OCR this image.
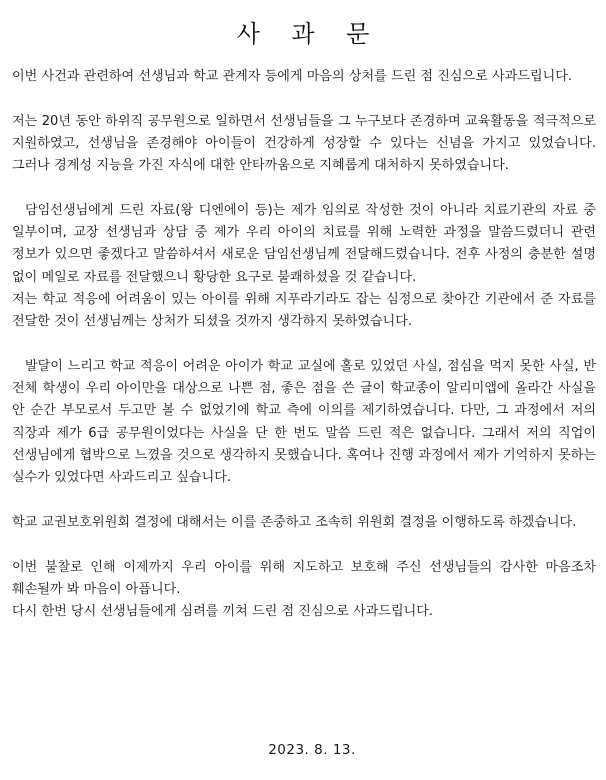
사 과 문

이번 사건과 관련하여 선생님과 학교 관계자 등에게 마음의 상처를 드린 점 진심으로 사과드립니다.

저는 20년 동안 하위직 공무원으로 일하면서 선생님들을 그 누구보다 존경하며 교육활동을 적극적으로 지원하였고, 선생님을 존경해야 아이들이 건강하게 성장할 수 있다는 신념을 가지고 있었습니다. 그러나 경계성 지능을 가진 자식에 대한 안타까움으로 지혜롭게 대처하지 못하였습니다.

담임선생님에게 드린 자료(왕 디엔에이 등)는 제가 임의로 작성한 것이 아니라 치료기관의 자료 중 일부이며, 교장 선생님과 상담 중 제가 우리 아이의 치료를 위해 노력한 과정을 말씀드렸더니 관련 정보가 있으면 좋겠다고 말씀하셔서 새로운 담임선생님께 전달해드렸습니다. 전후 사정의 충분한 설명 없이 메일로 자료를 전달했으니 황당한 요구로 불쾌하셨을 것 같습니다.

저는 학교 적응에 어려움이 있는 아이를 위해 지푸라기라도 잡는 심정으로 찾아간 기관에서 준 자료를 전달한 것이 선생님께는 상처가 되셨을 것까지 생각하지 못하였습니다.

발달이 느리고 학교 적응이 어려운 아이가 학교 교실에 홀로 있었던 사실, 점심을 먹지 못한 사실, 반 전체 학생이 우리 아이만을 대상으로 나쁜 점, 좋은 점을 쓴 글이 학교종이 알리미앱에 올라간 사실을 안 순간 부모로서 두고만 볼 수 없었기에 학교 측에 이의를 제기하였습니다. 다만, 그 과정에서 저의 직장과 제가 6급 공무원이었다는 사실을 단 한 번도 말씀 드린 적은 없습니다. 그래서 저의 직업이 선생님에게 협박으로 느꼈을 것으로 생각하지 못했습니다. 혹여나 진행 과정에서 제가 기억하지 못하는 실수가 있었다면 사과드리고 싶습니다.

학교 교권보호위원회 결정에 대해서는 이를 존중하고 조속히 위원회 결정을 이행하도록 하겠습니다.

이번 불찰로 인해 이제까지 우리 아이를 위해 지도하고 보호해 주신 선생님들의 감사한 마음조차 훼손될까 봐 마음이 아픕니다.

다시 한번 당시 선생님들에게 심려를 끼쳐 드린 점 진심으로 사과드립니다.

2023. 8. 13.
